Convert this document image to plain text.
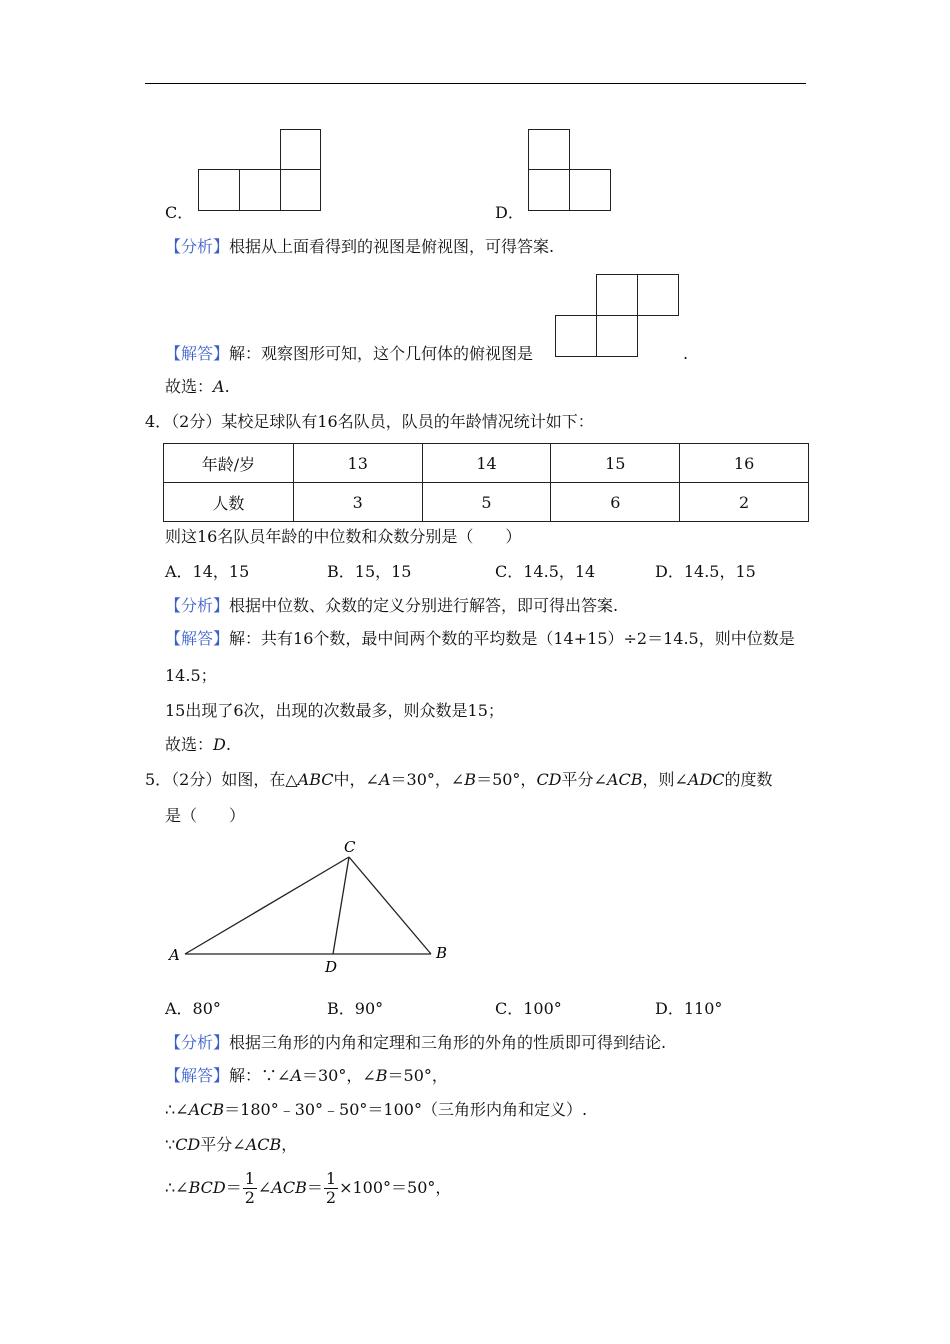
C．	D．
【分析】根据从上面看得到的视图是俯视图，可得答案.
【解答】解：观察图形可知，这个几何体的俯视图是	.
故选：A.
4．（2分）某校足球队有16名队员，队员的年龄情况统计如下：
年龄/岁	13	14	15	16
人数	3	5	6	2
则这16名队员年龄的中位数和众数分别是（　　）
A．14，15	B．15，15	C．14.5，14	D．14.5，15
【分析】根据中位数、众数的定义分别进行解答，即可得出答案.
【解答】解：共有16个数，最中间两个数的平均数是（14+15）÷2＝14.5，则中位数是
14.5；
15出现了6次，出现的次数最多，则众数是15；
故选：D.
5．（2分）如图，在△ABC中，∠A＝30°，∠B＝50°，CD平分∠ACB，则∠ADC的度数
是（　　）
A	B
C
D
A．80°	B．90°	C．100°	D．110°
【分析】根据三角形的内角和定理和三角形的外角的性质即可得到结论.
【解答】解：∵∠A＝30°，∠B＝50°，
∴∠ACB＝180°﹣30°﹣50°＝100°（三角形内角和定义）.
∵CD平分∠ACB，
∴∠BCD＝ $\frac{1}{2}$ ∠ACB＝ $\frac{1}{2} \times 100^\circ=50^\circ$，
